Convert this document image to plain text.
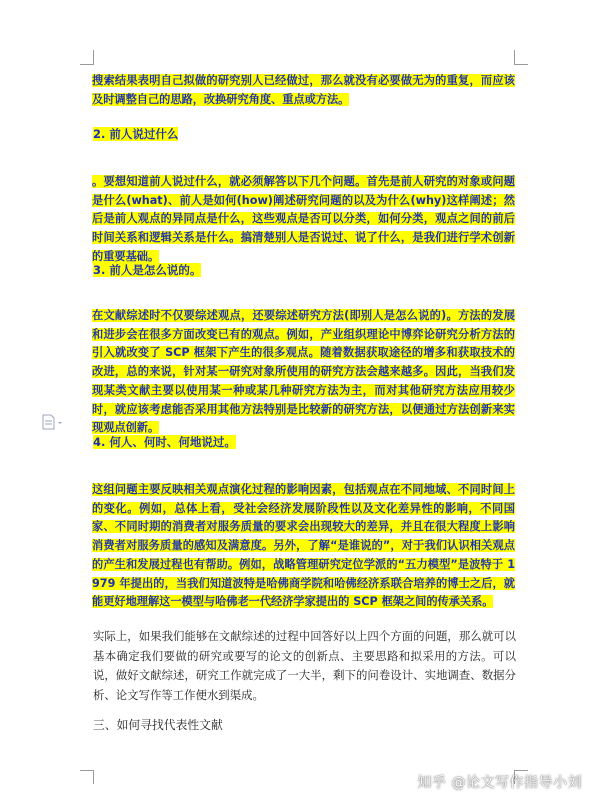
搜索结果表明自己拟做的研究别人已经做过，那么就没有必要做无为的重复，而应该及时调整自己的思路，改换研究角度、重点或方法。
2. 前人说过什么
。要想知道前人说过什么，就必须解答以下几个问题。首先是前人研究的对象或问题是什么(what)、前人是如何(how)阐述研究问题的以及为什么(why)这样阐述；然后是前人观点的异同点是什么，这些观点是否可以分类，如何分类，观点之间的前后时间关系和逻辑关系是什么。搞清楚别人是否说过、说了什么，是我们进行学术创新的重要基础。
3. 前人是怎么说的。
在文献综述时不仅要综述观点，还要综述研究方法(即别人是怎么说的)。方法的发展和进步会在很多方面改变已有的观点。例如，产业组织理论中博弈论研究分析方法的引入就改变了 SCP 框架下产生的很多观点。随着数据获取途径的增多和获取技术的改进，总的来说，针对某一研究对象所使用的研究方法会越来越多。因此，当我们发现某类文献主要以使用某一种或某几种研究方法为主，而对其他研究方法应用较少时，就应该考虑能否采用其他方法特别是比较新的研究方法，以便通过方法创新来实现观点创新。
4. 何人、何时、何地说过。
这组问题主要反映相关观点演化过程的影响因素，包括观点在不同地域、不同时间上的变化。例如，总体上看，受社会经济发展阶段性以及文化差异性的影响，不同国家、不同时期的消费者对服务质量的要求会出现较大的差异，并且在很大程度上影响消费者对服务质量的感知及满意度。另外，了解“是谁说的”，对于我们认识相关观点的产生和发展过程也有帮助。例如，战略管理研究定位学派的“五力模型”是波特于 1979 年提出的，当我们知道波特是哈佛商学院和哈佛经济系联合培养的博士之后，就能更好地理解这一模型与哈佛老一代经济学家提出的 SCP 框架之间的传承关系。
实际上，如果我们能够在文献综述的过程中回答好以上四个方面的问题，那么就可以基本确定我们要做的研究或要写的论文的创新点、主要思路和拟采用的方法。可以说，做好文献综述，研究工作就完成了一大半，剩下的问卷设计、实地调查、数据分析、论文写作等工作便水到渠成。
三、如何寻找代表性文献
知乎 @论文写作指导小刘
